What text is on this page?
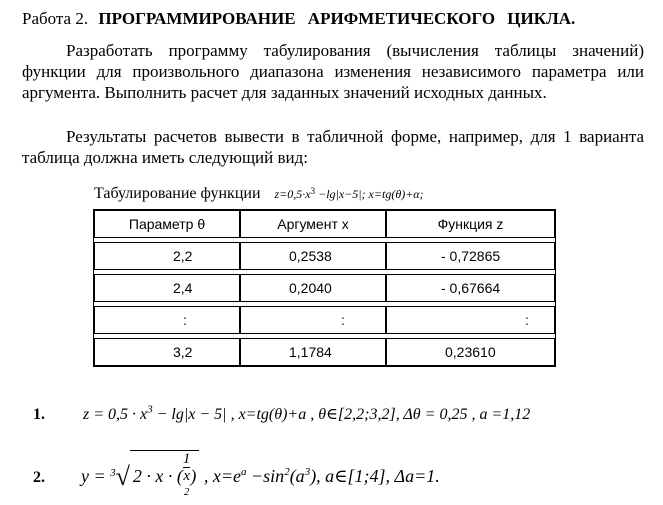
Работа 2. ПРОГРАММИРОВАНИЕ АРИФМЕТИЧЕСКОГО ЦИКЛА.
Разработать программу табулирования (вычисления таблицы значений) функции для произвольного диапазона изменения независимого параметра или аргумента. Выполнить расчет для заданных значений исходных данных.
Результаты расчетов вывести в табличной форме, например, для 1 варианта таблица должна иметь следующий вид:
Табулирование функции $z=0,5\cdot x^3 -\lg|x-5|$; x=tg(θ)+α;
Параметр θ	Аргумент x	Функция z

2,2	0,2538	- 0,72865

2,4	0,2040	- 0,67664

:	:	:

3,2	1,1784	0,23610
1. $z = 0,5 \cdot x^3 - \lg|x - 5|$ , x=tg(θ)+a , θ∈[2,2;3,2], Δθ = 0,25 , a =1,12
2. y = $^3$√ 2 · x · ( 1
x
$^2$ ) , $x=e^a -\sin^2(a^3)$, a∈[1;4], Δa=1.
